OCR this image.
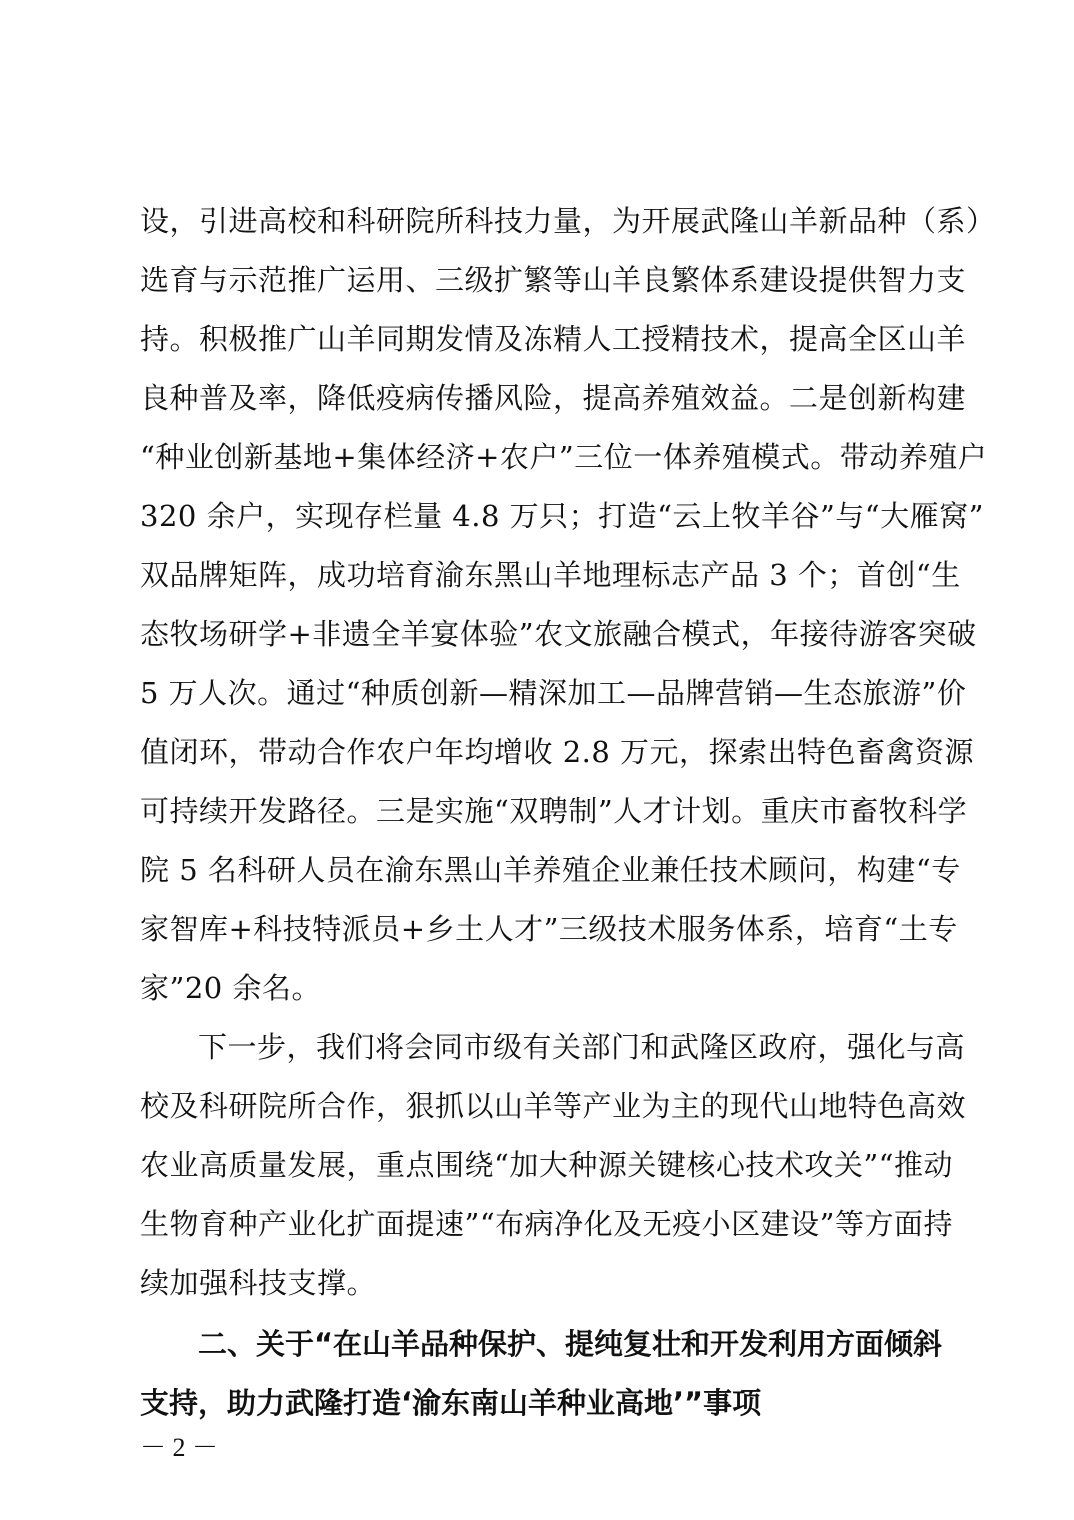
设，引进高校和科研院所科技力量，为开展武隆山羊新品种（系）
选育与示范推广运用、三级扩繁等山羊良繁体系建设提供智力支
持。积极推广山羊同期发情及冻精人工授精技术，提高全区山羊
良种普及率，降低疫病传播风险，提高养殖效益。二是创新构建
“种业创新基地+集体经济+农户”三位一体养殖模式。带动养殖户
320 余户，实现存栏量 4.8 万只；打造“云上牧羊谷”与“大雁窝”
双品牌矩阵，成功培育渝东黑山羊地理标志产品 3 个；首创“生
态牧场研学+非遗全羊宴体验”农文旅融合模式，年接待游客突破
5 万人次。通过“种质创新—精深加工—品牌营销—生态旅游”价
值闭环，带动合作农户年均增收 2.8 万元，探索出特色畜禽资源
可持续开发路径。三是实施“双聘制”人才计划。重庆市畜牧科学
院 5 名科研人员在渝东黑山羊养殖企业兼任技术顾问，构建“专
家智库+科技特派员+乡土人才”三级技术服务体系，培育“土专
家”20 余名。
下一步，我们将会同市级有关部门和武隆区政府，强化与高
校及科研院所合作，狠抓以山羊等产业为主的现代山地特色高效
农业高质量发展，重点围绕“加大种源关键核心技术攻关”“推动
生物育种产业化扩面提速”“布病净化及无疫小区建设”等方面持
续加强科技支撑。
二、关于“在山羊品种保护、提纯复壮和开发利用方面倾斜
支持，助力武隆打造‘渝东南山羊种业高地’”事项
－ 2 －
